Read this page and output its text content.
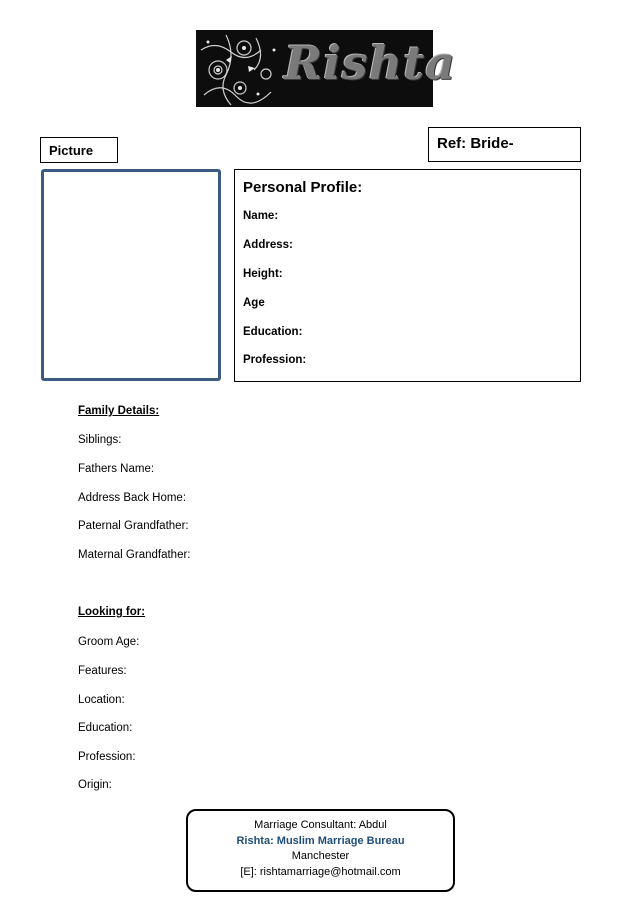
Rishta
Picture	Ref: Bride-
Personal Profile:
Name:
Address:
Height:
Age
Education:
Profession:
Family Details:
Siblings:
Fathers Name:
Address Back Home:
Paternal Grandfather:
Maternal Grandfather:
Looking for:
Groom Age:
Features:
Location:
Education:
Profession:
Origin:
Marriage Consultant: Abdul
Rishta: Muslim Marriage Bureau
Manchester
[E]: rishtamarriage@hotmail.com
